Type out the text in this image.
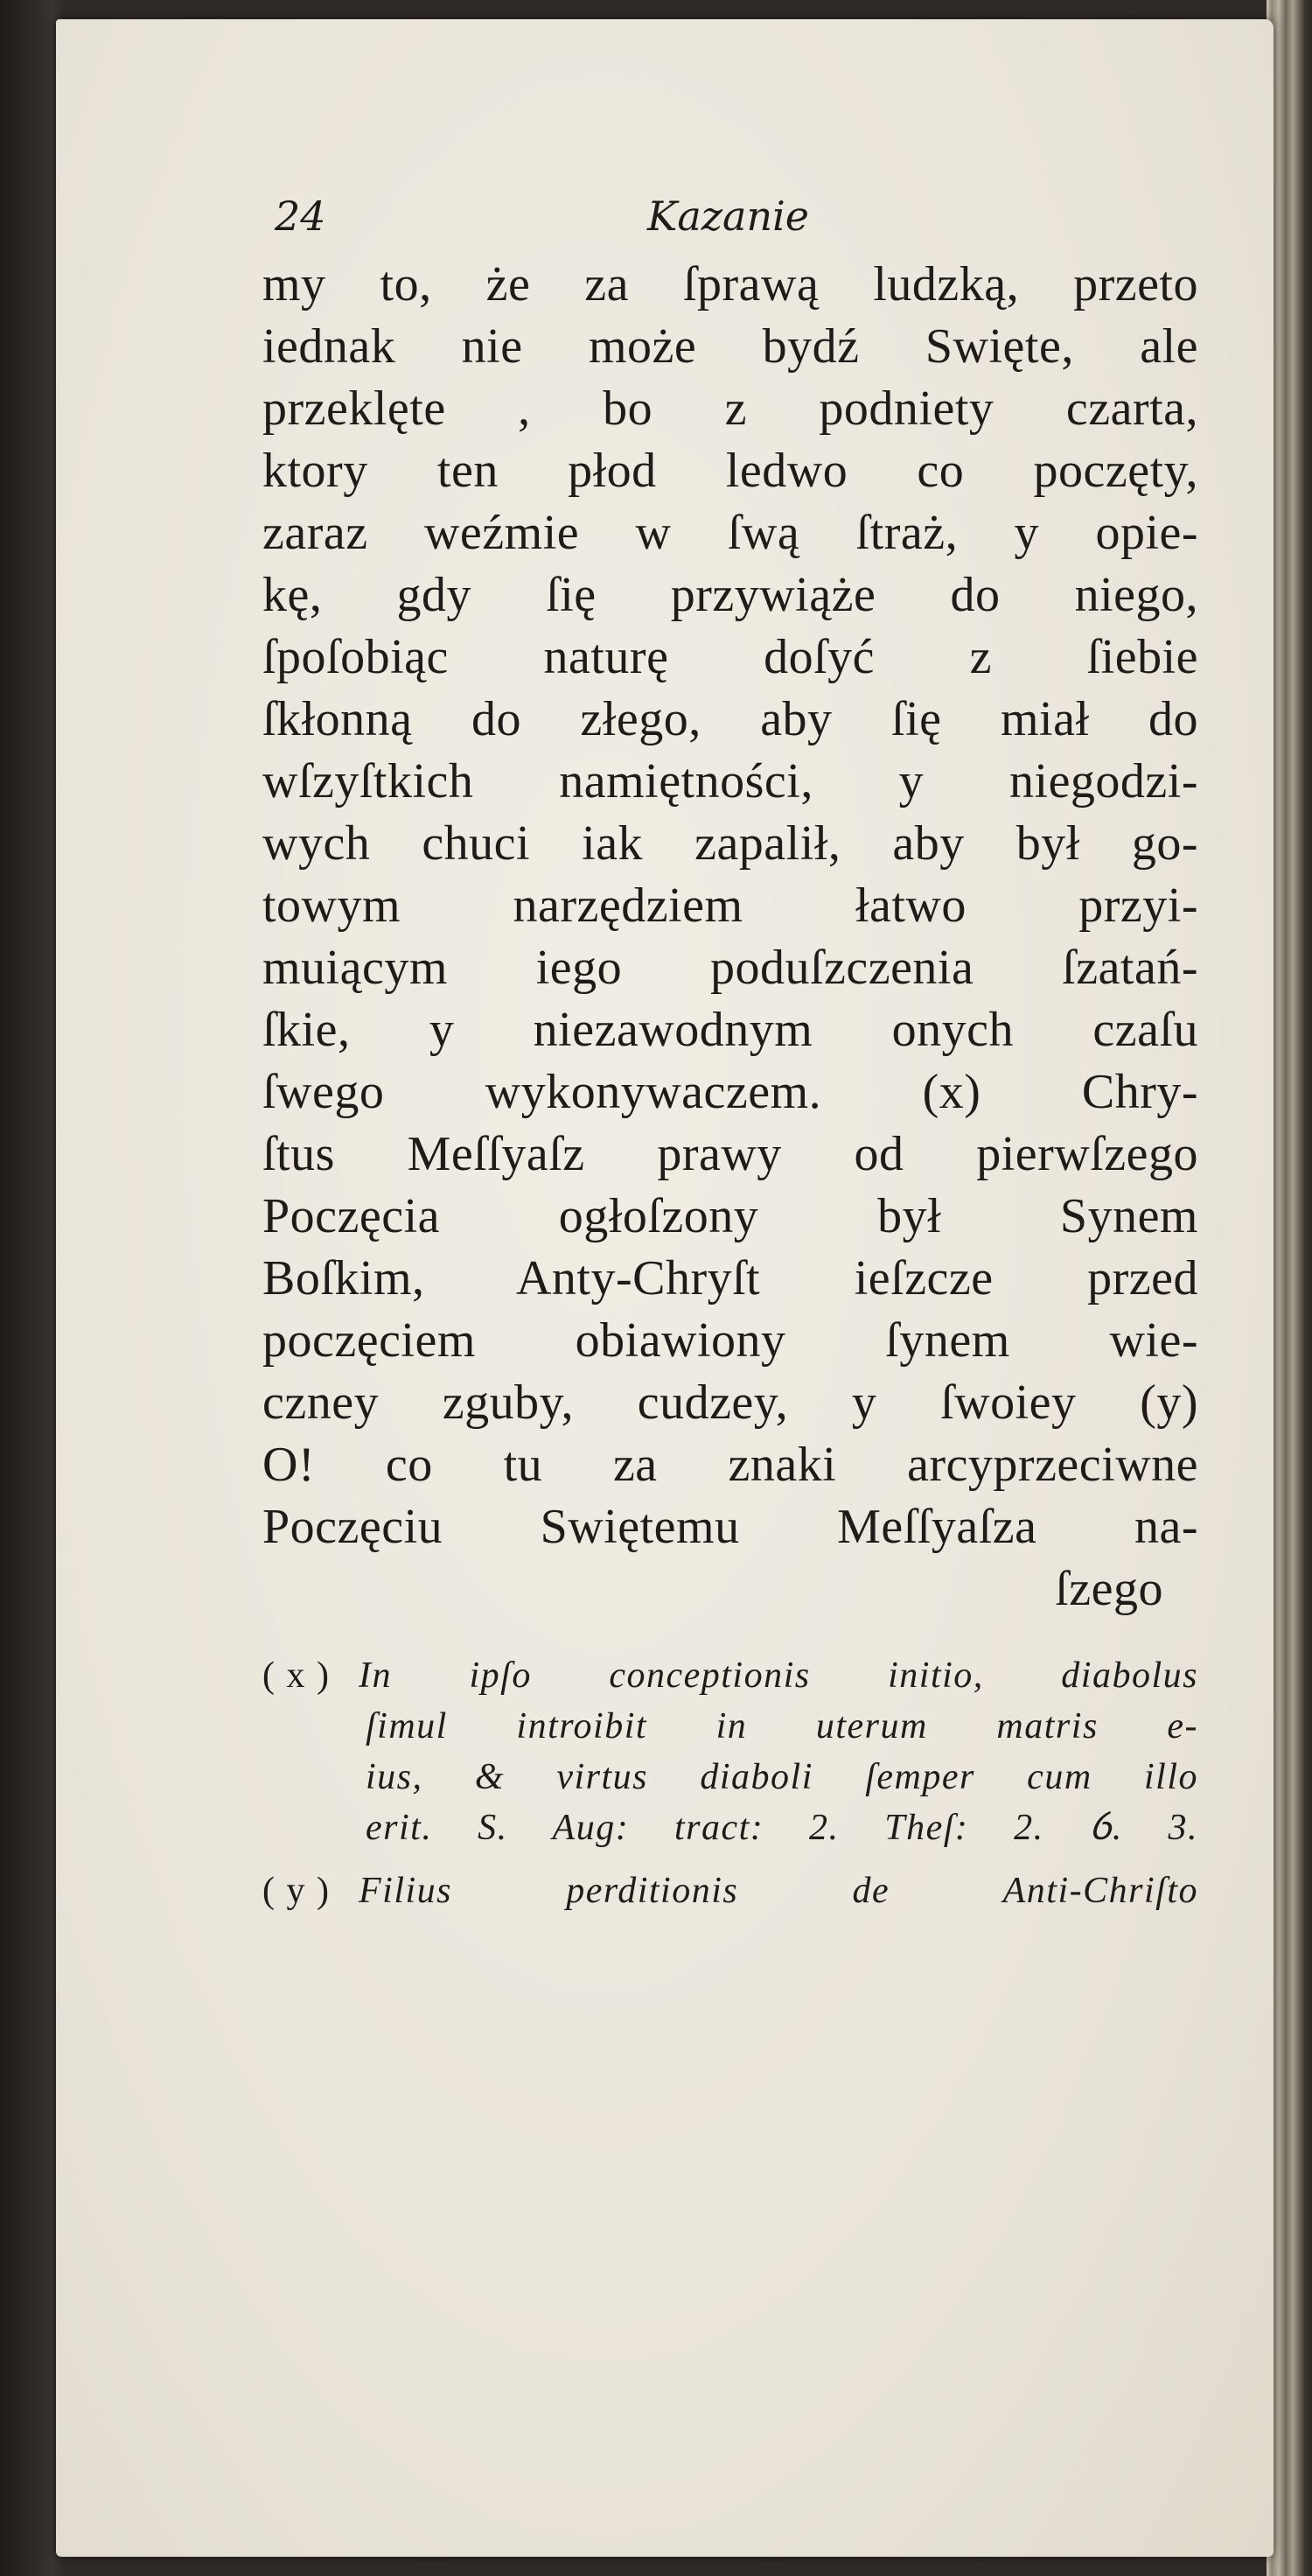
24	Kazanie
my to, że za ſprawą ludzką, przeto
iednak nie może bydź Swięte, ale
przeklęte , bo z podniety czarta,
ktory ten płod ledwo co poczęty,
zaraz weźmie w ſwą ſtraż, y opie-
kę, gdy ſię przywiąże do niego,
ſpoſobiąc naturę doſyć z ſiebie
ſkłonną do złego, aby ſię miał do
wſzyſtkich namiętności, y niegodzi-
wych chuci iak zapalił, aby był go-
towym narzędziem łatwo przyi-
muiącym iego poduſzczenia ſzatań-
ſkie, y niezawodnym onych czaſu
ſwego wykonywaczem. (x) Chry-
ſtus Meſſyaſz prawy od pierwſzego
Poczęcia ogłoſzony był Synem
Boſkim, Anty-Chryſt ieſzcze przed
poczęciem obiawiony ſynem wie-
czney zguby, cudzey, y ſwoiey (y)
O! co tu za znaki arcyprzeciwne
Poczęciu Swiętemu Meſſyaſza na-
ſzego
( x ) In ipſo conceptionis initio, diabolus
ſimul introibit in uterum matris e-
ius, & virtus diaboli ſemper cum illo
erit. S. Aug: tract: 2. Theſ: 2. ỽ. 3.
( y ) Filius perditionis de Anti-Chriſto
